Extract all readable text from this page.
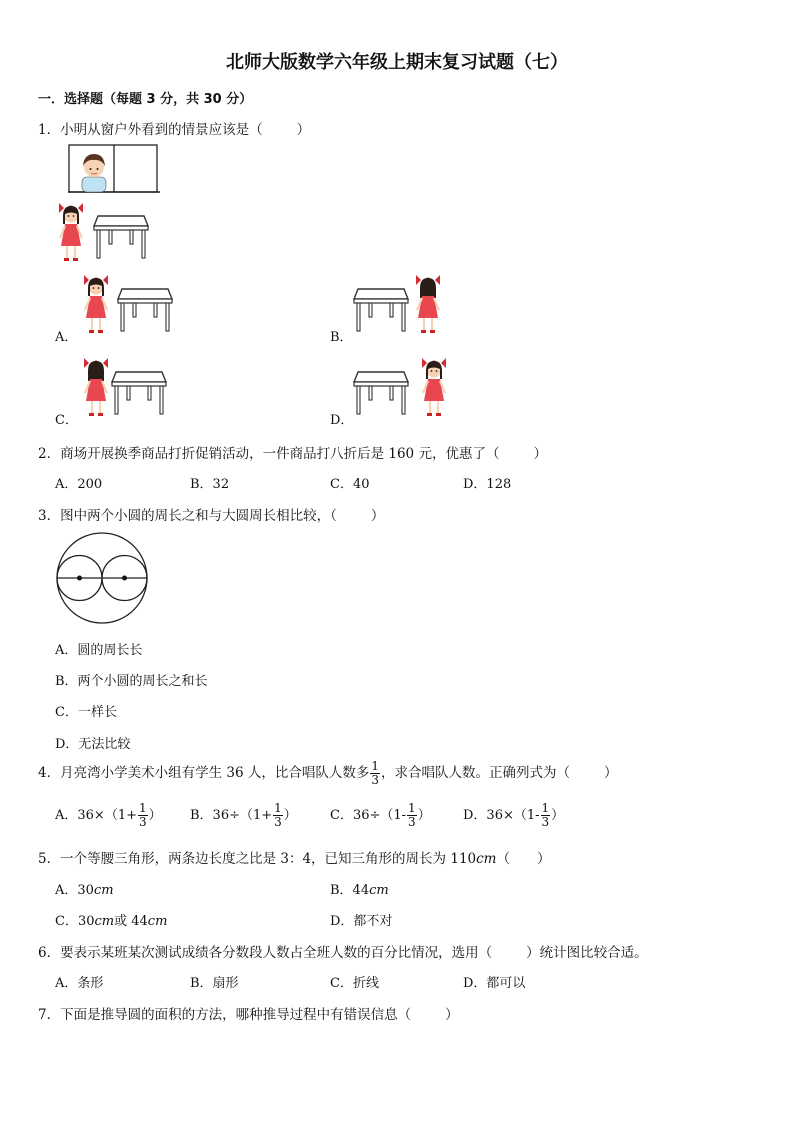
北师大版数学六年级上期末复习试题（七）
一．选择题（每题 3 分，共 30 分）
1．小明从窗户外看到的情景应该是（	）
A．	B．
C．	D．
2．商场开展换季商品打折促销活动，一件商品打八折后是 160 元，优惠了（	）
A．200	B．32	C．40	D．128
3．图中两个小圆的周长之和与大圆周长相比较，（	）
A．圆的周长长
B．两个小圆的周长之和长
C．一样长
D．无法比较
4．月亮湾小学美术小组有学生 36 人，比合唱队人数多 $\frac{1}{3}$ ，求合唱队人数。正确列式为（	）
A．$36\times(1+ \frac{1}{3}$ ） B．$36\div(1+ \frac{1}{3}$ ）	C．$36\div(1- \frac{1}{3}$ ） D．$36\times(1- \frac{1}{3}$ ）
5．一个等腰三角形，两条边长度之比是 3：4，已知三角形的周长为 110cm（　　）
A．30cm	B．44cm
C．30cm或 44cm	D．都不对
6．要表示某班某次测试成绩各分数段人数占全班人数的百分比情况，选用（	）统计图比较合适。
A．条形	B．扇形	C．折线	D．都可以
7．下面是推导圆的面积的方法，哪种推导过程中有错误信息（	）
